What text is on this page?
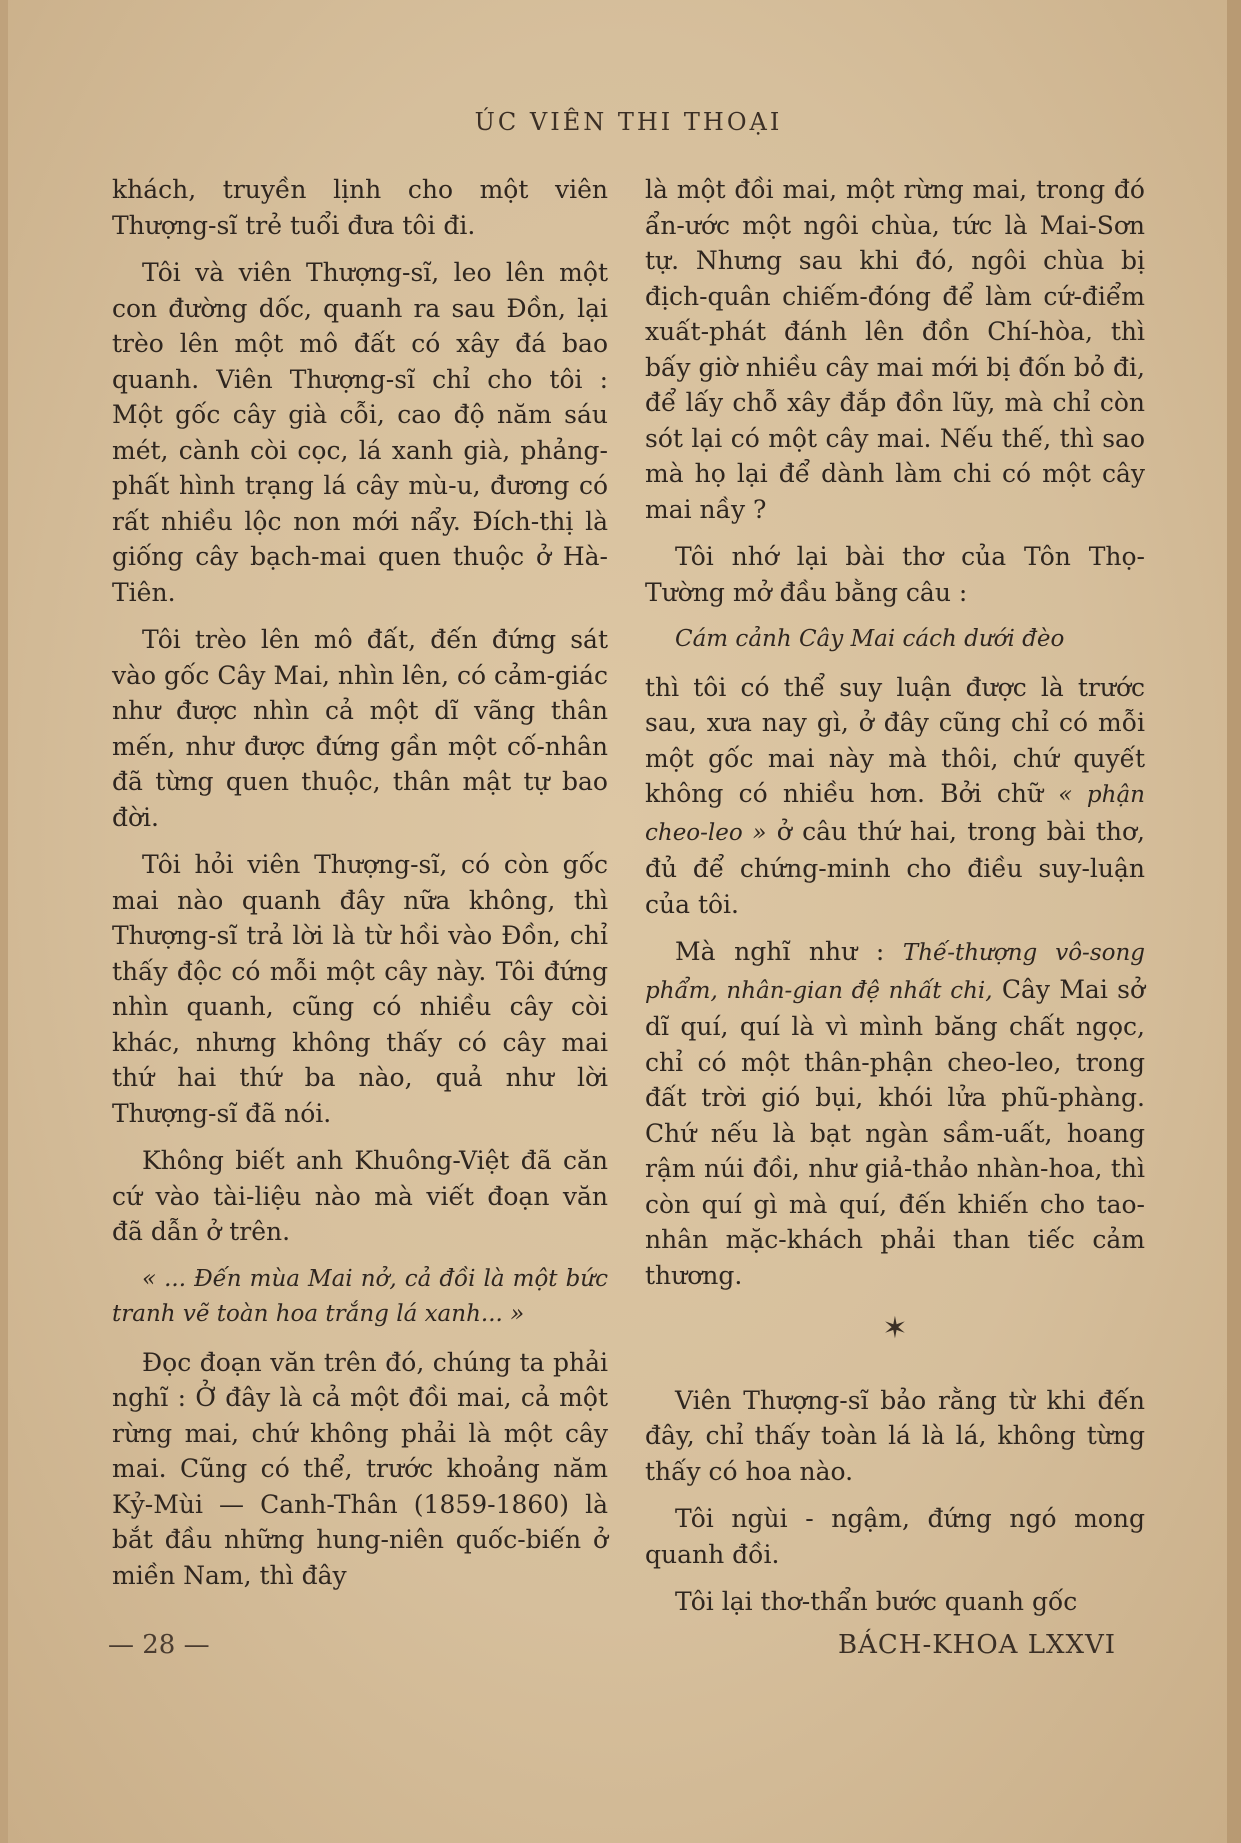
ÚC VIÊN THI THOẠI

khách, truyền lịnh cho một viên Thượng-sĩ trẻ tuổi đưa tôi đi.

Tôi và viên Thượng-sĩ, leo lên một con đường dốc, quanh ra sau Đồn, lại trèo lên một mô đất có xây đá bao quanh. Viên Thượng-sĩ chỉ cho tôi : Một gốc cây già cỗi, cao độ năm sáu mét, cành còi cọc, lá xanh già, phảng-phất hình trạng lá cây mù-u, đương có rất nhiều lộc non mới nẩy. Đích-thị là giống cây bạch-mai quen thuộc ở Hà-Tiên.

Tôi trèo lên mô đất, đến đứng sát vào gốc Cây Mai, nhìn lên, có cảm-giác như được nhìn cả một dĩ vãng thân mến, như được đứng gần một cố-nhân đã từng quen thuộc, thân mật tự bao đời.

Tôi hỏi viên Thượng-sĩ, có còn gốc mai nào quanh đây nữa không, thì Thượng-sĩ trả lời là từ hồi vào Đồn, chỉ thấy độc có mỗi một cây này. Tôi đứng nhìn quanh, cũng có nhiều cây còi khác, nhưng không thấy có cây mai thứ hai thứ ba nào, quả như lời Thượng-sĩ đã nói.

Không biết anh Khuông-Việt đã căn cứ vào tài-liệu nào mà viết đoạn văn đã dẫn ở trên.

« ... Đến mùa Mai nở, cả đồi là một bức tranh vẽ toàn hoa trắng lá xanh... »

Đọc đoạn văn trên đó, chúng ta phải nghĩ : Ở đây là cả một đồi mai, cả một rừng mai, chứ không phải là một cây mai. Cũng có thể, trước khoảng năm Kỷ-Mùi — Canh-Thân (1859-1860) là bắt đầu những hung-niên quốc-biến ở miền Nam, thì đây

là một đồi mai, một rừng mai, trong đó ẩn-ước một ngôi chùa, tức là Mai-Sơn tự. Nhưng sau khi đó, ngôi chùa bị địch-quân chiếm-đóng để làm cứ-điểm xuất-phát đánh lên đồn Chí-hòa, thì bấy giờ nhiều cây mai mới bị đốn bỏ đi, để lấy chỗ xây đắp đồn lũy, mà chỉ còn sót lại có một cây mai. Nếu thế, thì sao mà họ lại để dành làm chi có một cây mai nầy ?

Tôi nhớ lại bài thơ của Tôn Thọ-Tường mở đầu bằng câu :

Cám cảnh Cây Mai cách dưới đèo

thì tôi có thể suy luận được là trước sau, xưa nay gì, ở đây cũng chỉ có mỗi một gốc mai này mà thôi, chứ quyết không có nhiều hơn. Bởi chữ « phận cheo-leo » ở câu thứ hai, trong bài thơ, đủ để chứng-minh cho điều suy-luận của tôi.

Mà nghĩ như : Thế-thượng vô-song phẩm, nhân-gian đệ nhất chi, Cây Mai sở dĩ quí, quí là vì mình băng chất ngọc, chỉ có một thân-phận cheo-leo, trong đất trời gió bụi, khói lửa phũ-phàng. Chứ nếu là bạt ngàn sầm-uất, hoang rậm núi đồi, như giả-thảo nhàn-hoa, thì còn quí gì mà quí, đến khiến cho tao-nhân mặc-khách phải than tiếc cảm thương.

✶

Viên Thượng-sĩ bảo rằng từ khi đến đây, chỉ thấy toàn lá là lá, không từng thấy có hoa nào.

Tôi ngùi - ngậm, đứng ngó mong quanh đồi.

Tôi lại thơ-thẩn bước quanh gốc

— 28 —	BÁCH-KHOA LXXVI
